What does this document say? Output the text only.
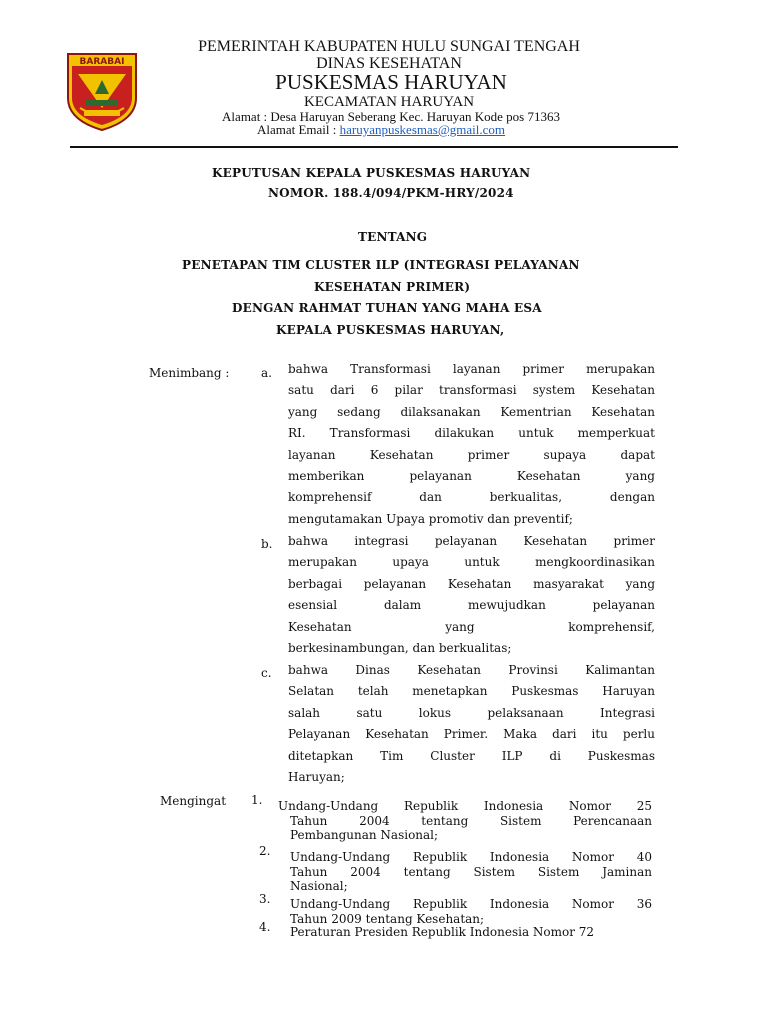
BARABAI
PEMERINTAH KABUPATEN HULU SUNGAI TENGAH
DINAS KESEHATAN
PUSKESMAS HARUYAN
KECAMATAN HARUYAN
Alamat : Desa Haruyan Seberang Kec. Haruyan Kode pos 71363
Alamat Email : haruyanpuskesmas@gmail.com
KEPUTUSAN KEPALA PUSKESMAS HARUYAN
NOMOR. 188.4/094/PKM-HRY/2024
TENTANG
PENETAPAN TIM CLUSTER ILP (INTEGRASI PELAYANAN
KESEHATAN PRIMER)
DENGAN RAHMAT TUHAN YANG MAHA ESA
KEPALA PUSKESMAS HARUYAN,
Menimbang :	a. bahwa Transformasi layanan primer merupakan
satu dari 6 pilar transformasi system Kesehatan
yang sedang dilaksanakan Kementrian Kesehatan
RI. Transformasi dilakukan untuk memperkuat
layanan Kesehatan primer supaya dapat
memberikan pelayanan Kesehatan yang
komprehensif dan berkualitas, dengan
mengutamakan Upaya promotiv dan preventif;
b. bahwa integrasi pelayanan Kesehatan primer
merupakan upaya untuk mengkoordinasikan
berbagai pelayanan Kesehatan masyarakat yang
esensial dalam mewujudkan pelayanan
Kesehatan yang komprehensif,
berkesinambungan, dan berkualitas;
c. bahwa Dinas Kesehatan Provinsi Kalimantan
Selatan telah menetapkan Puskesmas Haruyan
salah satu lokus pelaksanaan Integrasi
Pelayanan Kesehatan Primer. Maka dari itu perlu
ditetapkan Tim Cluster ILP di Puskesmas
Haruyan;
Mengingat 1. Undang-Undang Republik Indonesia Nomor 25
Tahun 2004 tentang Sistem Perencanaan
Pembangunan Nasional;
2. Undang-Undang Republik Indonesia Nomor 40
Tahun 2004 tentang Sistem Sistem Jaminan
Nasional;
3. Undang-Undang Republik Indonesia Nomor 36
Tahun 2009 tentang Kesehatan;
4. Peraturan Presiden Republik Indonesia Nomor 72
